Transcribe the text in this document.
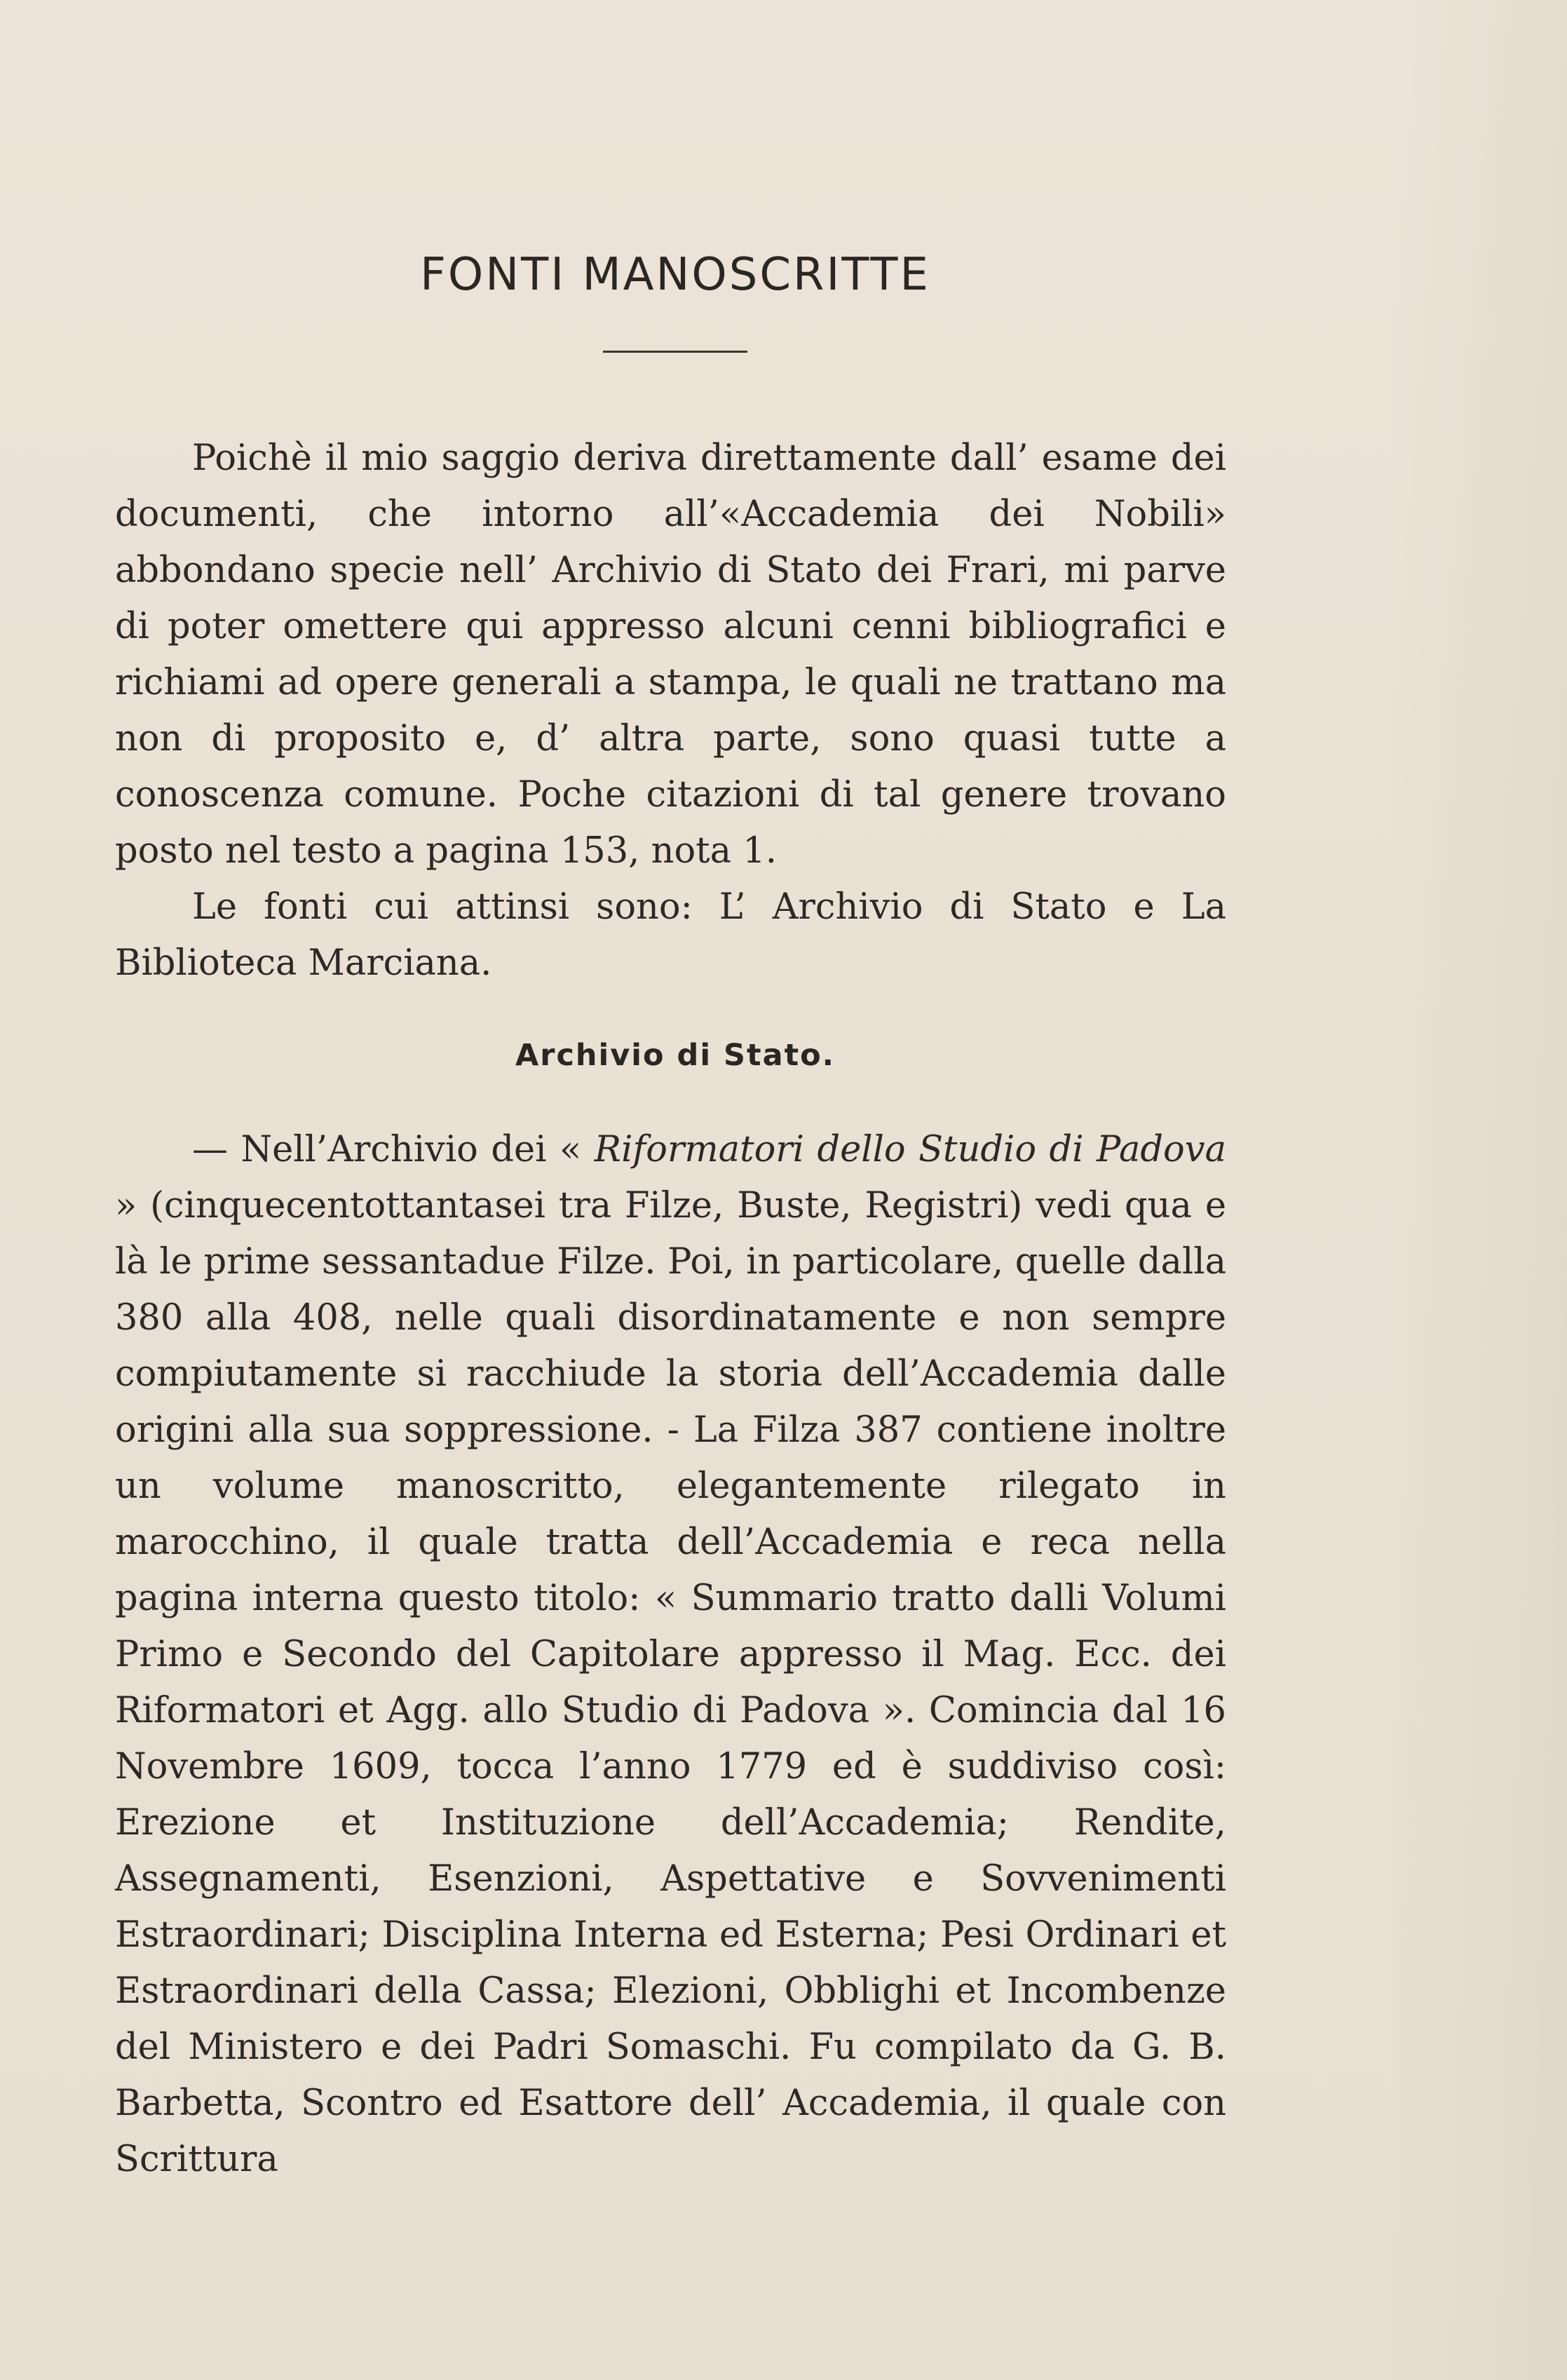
FONTI MANOSCRITTE

Poichè il mio saggio deriva direttamente dall’ esame dei documenti, che intorno all’«Accademia dei Nobili» abbondano specie nell’ Archivio di Stato dei Frari, mi parve di poter omettere qui appresso alcuni cenni bibliografici e richiami ad opere generali a stampa, le quali ne trattano ma non di proposito e, d’ altra parte, sono quasi tutte a conoscenza comune. Poche citazioni di tal genere trovano posto nel testo a pagina 153, nota 1.

Le fonti cui attinsi sono: L’ Archivio di Stato e La Biblioteca Marciana.

Archivio di Stato.

— Nell’Archivio dei « Riformatori dello Studio di Padova » (cinquecentottantasei tra Filze, Buste, Registri) vedi qua e là le prime sessantadue Filze. Poi, in particolare, quelle dalla 380 alla 408, nelle quali disordinatamente e non sempre compiutamente si racchiude la storia dell’Accademia dalle origini alla sua soppressione. - La Filza 387 contiene inoltre un volume manoscritto, elegantemente rilegato in marocchino, il quale tratta dell’Accademia e reca nella pagina interna questo titolo: « Summario tratto dalli Volumi Primo e Secondo del Capitolare appresso il Mag. Ecc. dei Riformatori et Agg. allo Studio di Padova ». Comincia dal 16 Novembre 1609, tocca l’anno 1779 ed è suddiviso così: Erezione et Instituzione dell’Accademia; Rendite, Assegnamenti, Esenzioni, Aspettative e Sovvenimenti Estraordinari; Disciplina Interna ed Esterna; Pesi Ordinari et Estraordinari della Cassa; Elezioni, Obblighi et Incombenze del Ministero e dei Padri Somaschi. Fu compilato da G. B. Barbetta, Scontro ed Esattore dell’ Accademia, il quale con Scrittura
